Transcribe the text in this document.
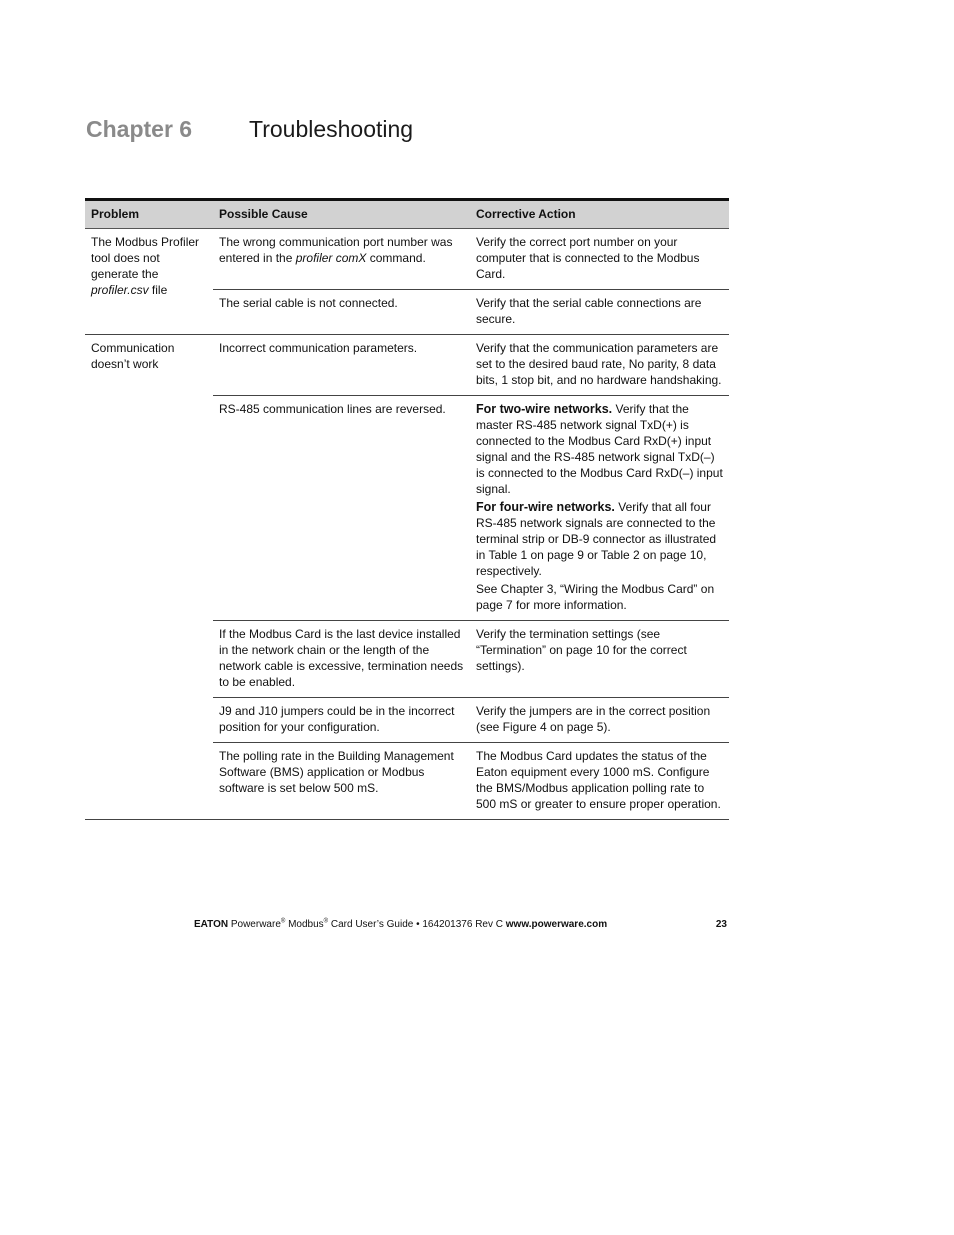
Chapter 6 Troubleshooting
Problem	Possible Cause	Corrective Action
The Modbus Profiler tool does not generate the profiler.csv file	The wrong communication port number was entered in the profiler comX command.	Verify the correct port number on your computer that is connected to the Modbus Card.
	The serial cable is not connected.	Verify that the serial cable connections are secure.
Communication doesn’t work	Incorrect communication parameters.	Verify that the communication parameters are set to the desired baud rate, No parity, 8 data bits, 1 stop bit, and no hardware handshaking.
	RS-485 communication lines are reversed.	For two-wire networks. Verify that the master RS-485 network signal TxD(+) is connected to the Modbus Card RxD(+) input signal and the RS-485 network signal TxD(–) is connected to the Modbus Card RxD(–) input signal.
For four-wire networks. Verify that all four RS-485 network signals are connected to the terminal strip or DB-9 connector as illustrated in Table 1 on page 9 or Table 2 on page 10, respectively.
See Chapter 3, “Wiring the Modbus Card” on page 7 for more information.

	If the Modbus Card is the last device installed in the network chain or the length of the network cable is excessive, termination needs to be enabled.	Verify the termination settings (see “Termination” on page 10 for the correct settings).
	J9 and J10 jumpers could be in the incorrect position for your configuration.	Verify the jumpers are in the correct position (see Figure 4 on page 5).
	The polling rate in the Building Management Software (BMS) application or Modbus software is set below 500 mS.	The Modbus Card updates the status of the Eaton equipment every 1000 mS. Configure the BMS/Modbus application polling rate to 500 mS or greater to ensure proper operation.
EATON Powerware® Modbus® Card User’s Guide • 164201376 Rev C www.powerware.com	23
